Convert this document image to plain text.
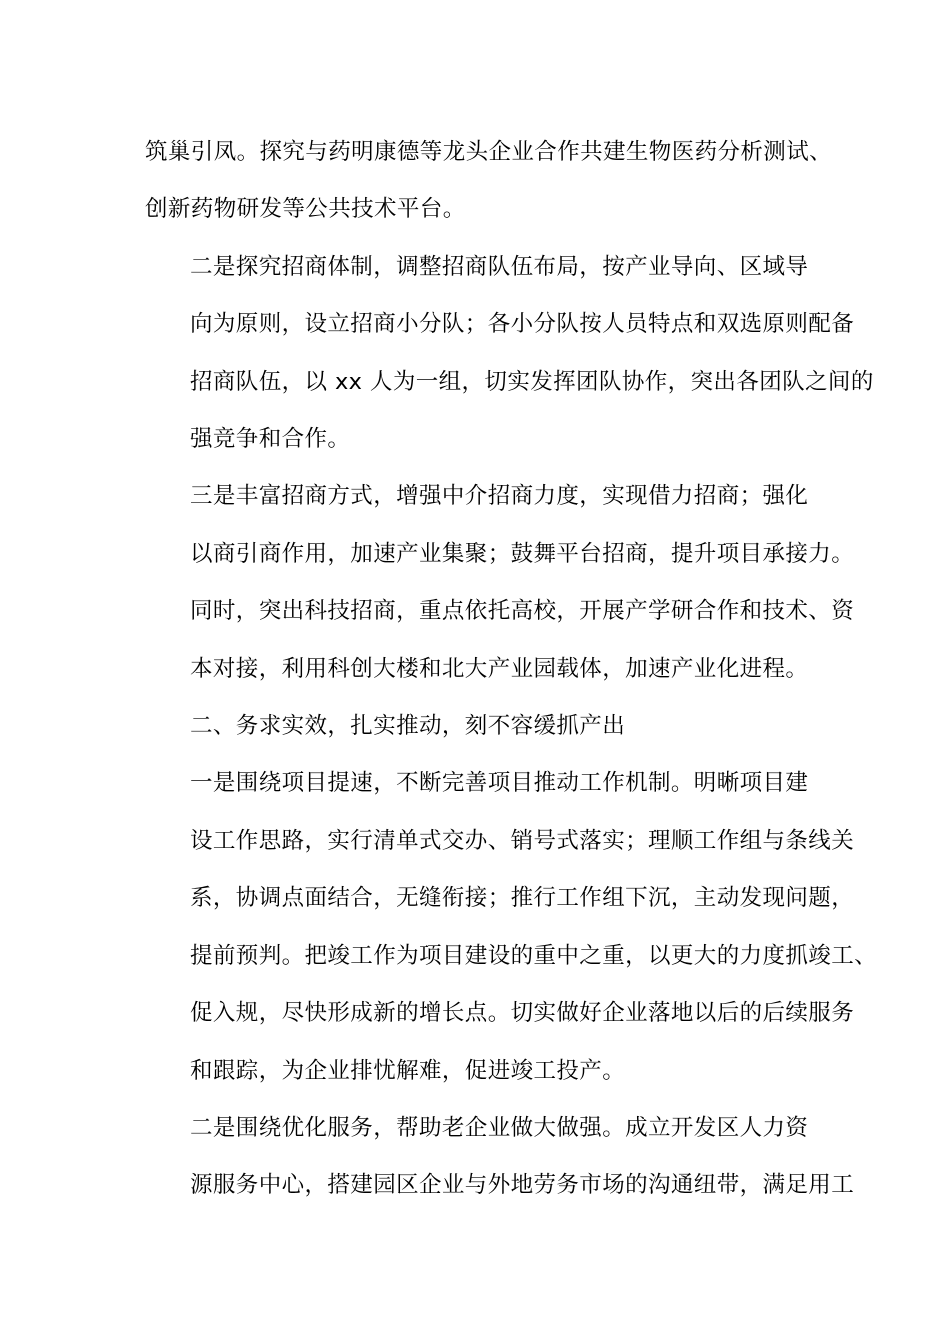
筑巢引凤。探究与药明康德等龙头企业合作共建生物医药分析测试、
创新药物研发等公共技术平台。

二是探究招商体制，调整招商队伍布局，按产业导向、区域导
向为原则，设立招商小分队；各小分队按人员特点和双选原则配备
招商队伍，以 xx 人为一组，切实发挥团队协作，突出各团队之间的
强竞争和合作。

三是丰富招商方式，增强中介招商力度，实现借力招商；强化
以商引商作用，加速产业集聚；鼓舞平台招商，提升项目承接力。
同时，突出科技招商，重点依托高校，开展产学研合作和技术、资
本对接，利用科创大楼和北大产业园载体，加速产业化进程。

二、务求实效，扎实推动，刻不容缓抓产出

一是围绕项目提速，不断完善项目推动工作机制。明晰项目建
设工作思路，实行清单式交办、销号式落实；理顺工作组与条线关
系，协调点面结合，无缝衔接；推行工作组下沉，主动发现问题，
提前预判。把竣工作为项目建设的重中之重，以更大的力度抓竣工、
促入规，尽快形成新的增长点。切实做好企业落地以后的后续服务
和跟踪，为企业排忧解难，促进竣工投产。

二是围绕优化服务，帮助老企业做大做强。成立开发区人力资
源服务中心，搭建园区企业与外地劳务市场的沟通纽带，满足用工
